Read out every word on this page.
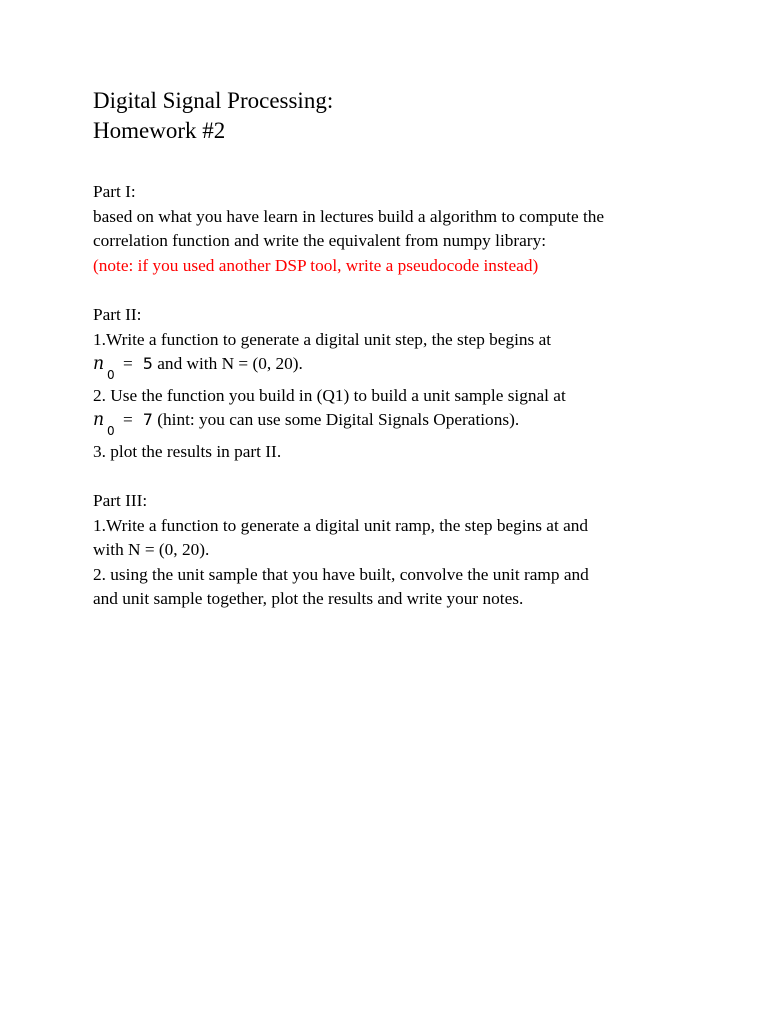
Digital Signal Processing:

Homework #2

Part I:

based on what you have learn in lectures build a algorithm to compute the

correlation function and write the equivalent from numpy library:

(note: if you used another DSP tool, write a pseudocode instead)

Part II:

1.Write a function to generate a digital unit step, the step begins at

n
0
= 5 and with N = (0, 20).

2. Use the function you build in (Q1) to build a unit sample signal at

n
0
= 7 (hint: you can use some Digital Signals Operations).

3. plot the results in part II.

Part III:

1.Write a function to generate a digital unit ramp, the step begins at and

with N = (0, 20).

2. using the unit sample that you have built, convolve the unit ramp and

and unit sample together, plot the results and write your notes.
